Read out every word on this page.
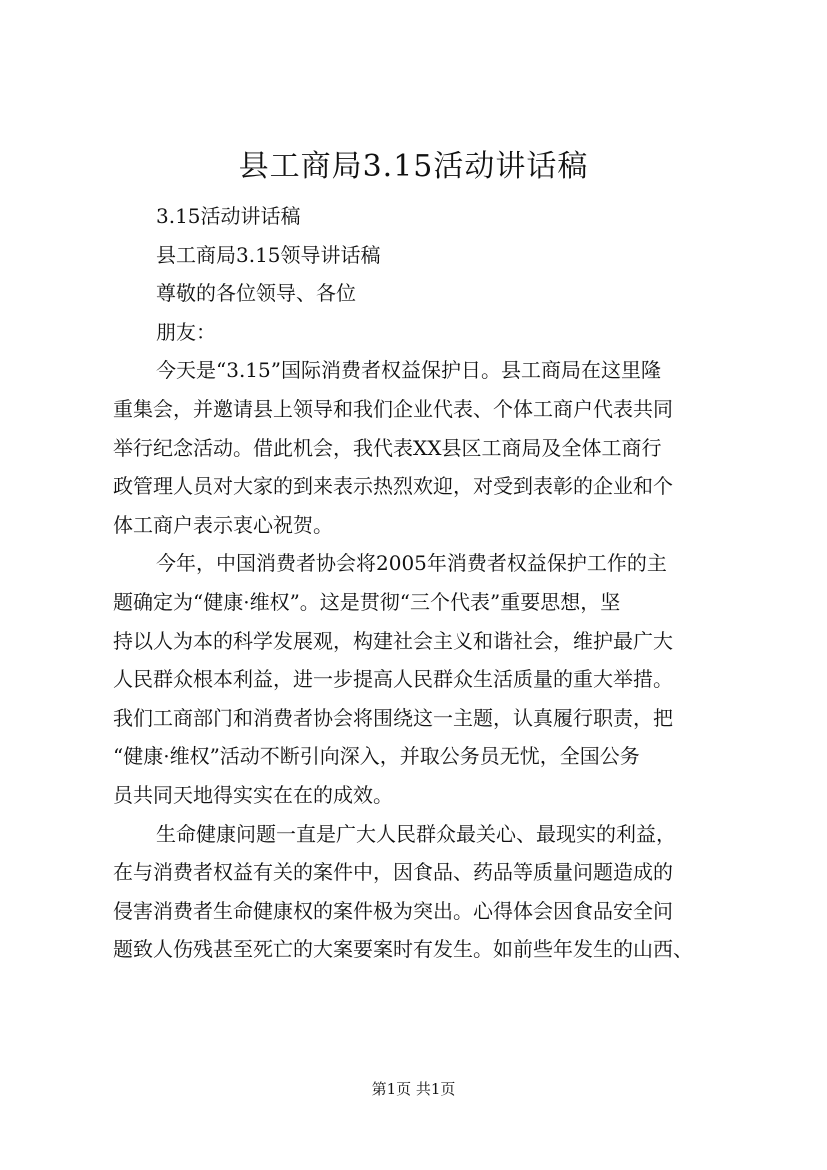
县工商局3.15活动讲话稿
3.15活动讲话稿
县工商局3.15领导讲话稿
尊敬的各位领导、各位
朋友：
今天是“3.15”国际消费者权益保护日。县工商局在这里隆
重集会，并邀请县上领导和我们企业代表、个体工商户代表共同
举行纪念活动。借此机会，我代表XX县区工商局及全体工商行
政管理人员对大家的到来表示热烈欢迎，对受到表彰的企业和个
体工商户表示衷心祝贺。
今年，中国消费者协会将2005年消费者权益保护工作的主
题确定为“健康·维权”。这是贯彻“三个代表”重要思想，坚
持以人为本的科学发展观，构建社会主义和谐社会，维护最广大
人民群众根本利益，进一步提高人民群众生活质量的重大举措。
我们工商部门和消费者协会将围绕这一主题，认真履行职责，把
“健康·维权”活动不断引向深入，并取公务员无忧，全国公务
员共同天地得实实在在的成效。
生命健康问题一直是广大人民群众最关心、最现实的利益，
在与消费者权益有关的案件中，因食品、药品等质量问题造成的
侵害消费者生命健康权的案件极为突出。心得体会因食品安全问
题致人伤残甚至死亡的大案要案时有发生。如前些年发生的山西、
第1页 共1页
